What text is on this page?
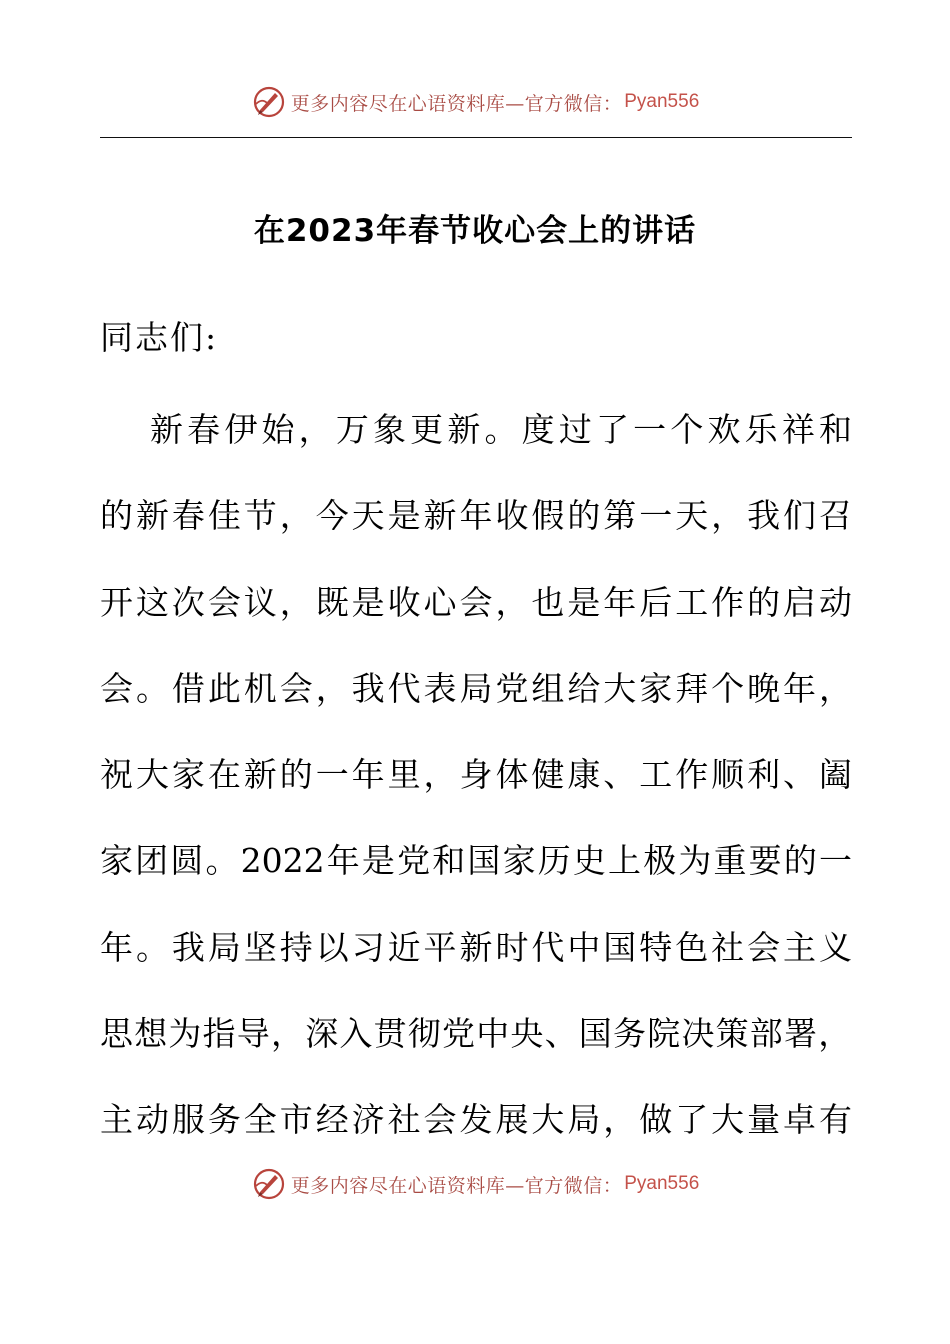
更多内容尽在心语资料库—官方微信： Pyan556
在2023年春节收心会上的讲话
同志们:
新春伊始，万象更新。度过了一个欢乐祥和
的新春佳节，今天是新年收假的第一天，我们召
开这次会议，既是收心会，也是年后工作的启动
会。借此机会，我代表局党组给大家拜个晚年，
祝大家在新的一年里，身体健康、工作顺利、阖
家团圆。2022年是党和国家历史上极为重要的一
年。我局坚持以习近平新时代中国特色社会主义
思想为指导，深入贯彻党中央、国务院决策部署，
主动服务全市经济社会发展大局，做了大量卓有
更多内容尽在心语资料库—官方微信： Pyan556
